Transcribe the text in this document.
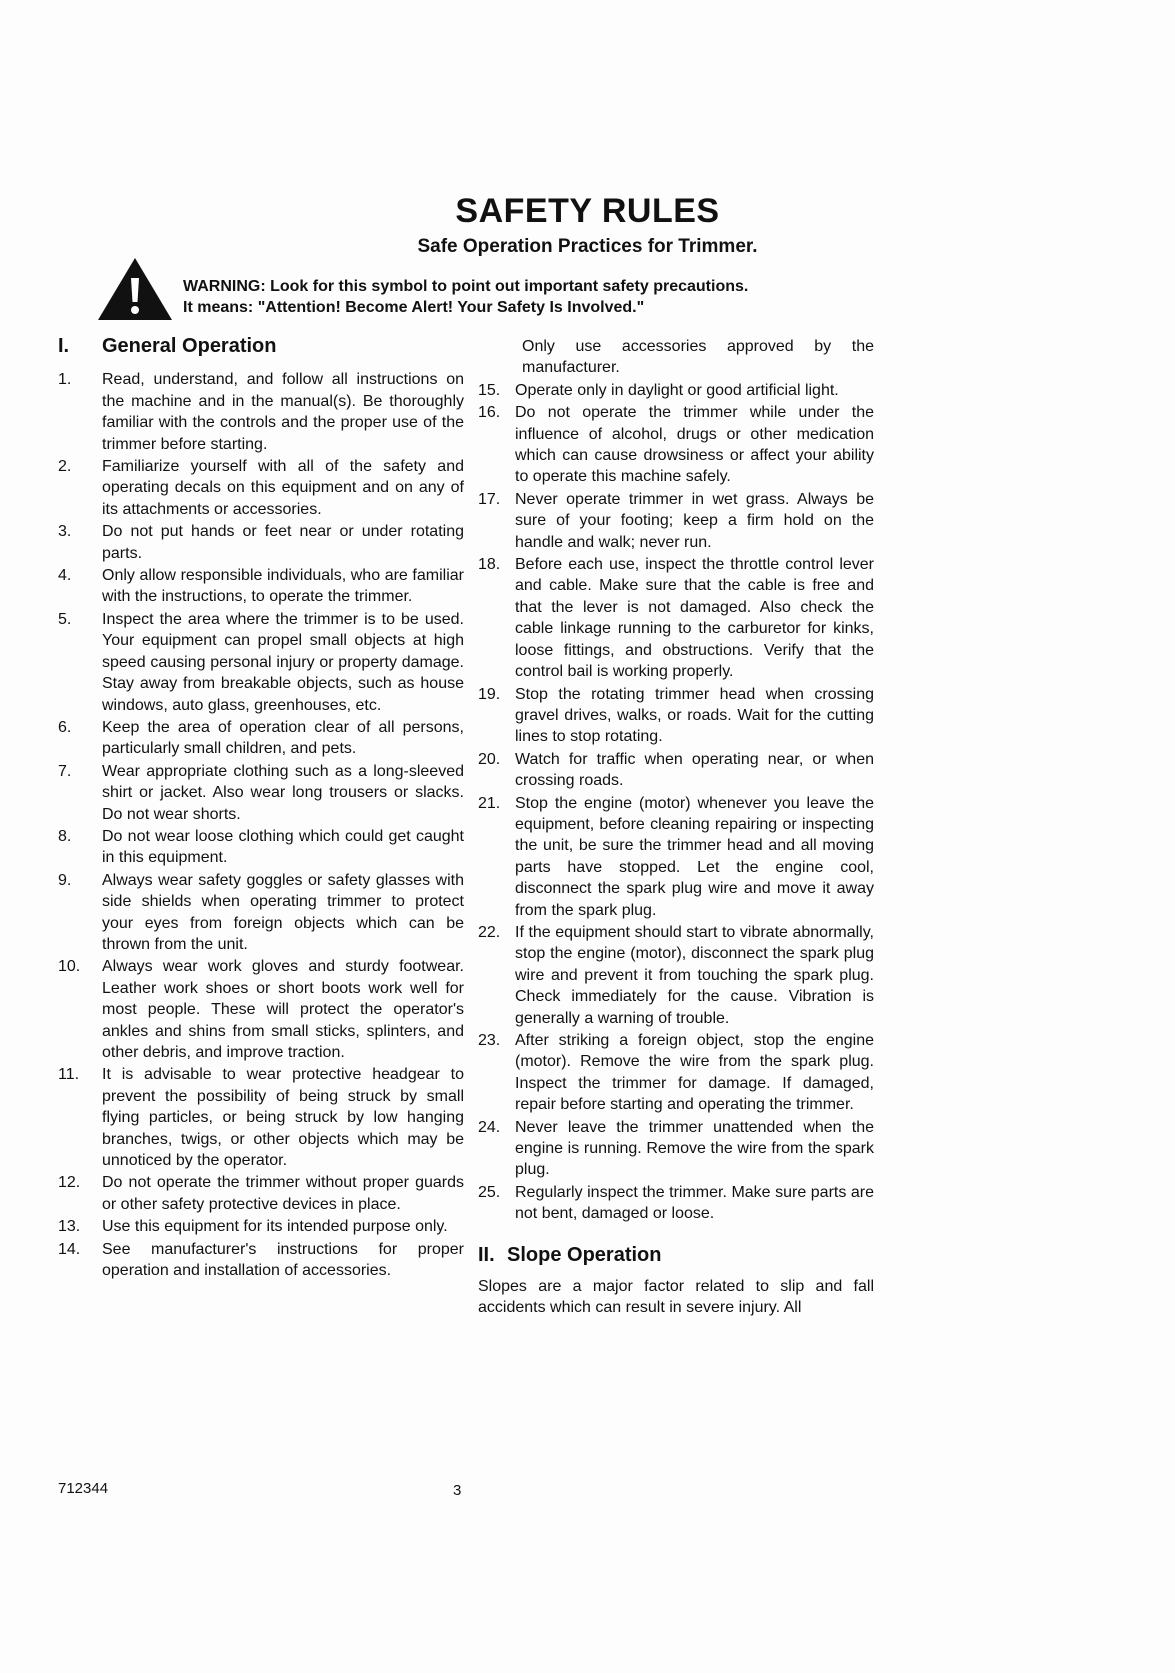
SAFETY RULES
Safe Operation Practices for Trimmer.
WARNING: Look for this symbol to point out important safety precautions.
It means: "Attention! Become Alert! Your Safety Is Involved."
I.	General Operation
1.	Read, understand, and follow all instructions on the machine and in the manual(s). Be thoroughly familiar with the controls and the proper use of the trimmer before starting.
2.	Familiarize yourself with all of the safety and operating decals on this equipment and on any of its attachments or accessories.
3.	Do not put hands or feet near or under rotating parts.
4.	Only allow responsible individuals, who are familiar with the instructions, to operate the trimmer.
5.	Inspect the area where the trimmer is to be used. Your equipment can propel small objects at high speed causing personal injury or property damage. Stay away from breakable objects, such as house windows, auto glass, greenhouses, etc.
6.	Keep the area of operation clear of all persons, particularly small children, and pets.
7.	Wear appropriate clothing such as a long-sleeved shirt or jacket. Also wear long trousers or slacks. Do not wear shorts.
8.	Do not wear loose clothing which could get caught in this equipment.
9.	Always wear safety goggles or safety glasses with side shields when operating trimmer to protect your eyes from foreign objects which can be thrown from the unit.
10.	Always wear work gloves and sturdy footwear. Leather work shoes or short boots work well for most people. These will protect the operator's ankles and shins from small sticks, splinters, and other debris, and improve traction.
11.	It is advisable to wear protective headgear to prevent the possibility of being struck by small flying particles, or being struck by low hanging branches, twigs, or other objects which may be unnoticed by the operator.
12.	Do not operate the trimmer without proper guards or other safety protective devices in place.
13.	Use this equipment for its intended purpose only.
14.	See manufacturer's instructions for proper operation and installation of accessories.
Only use accessories approved by the manufacturer.
15. Operate only in daylight or good artificial light.
16. Do not operate the trimmer while under the influence of alcohol, drugs or other medication which can cause drowsiness or affect your ability to operate this machine safely.
17. Never operate trimmer in wet grass. Always be sure of your footing; keep a firm hold on the handle and walk; never run.
18. Before each use, inspect the throttle control lever and cable. Make sure that the cable is free and that the lever is not damaged. Also check the cable linkage running to the carburetor for kinks, loose fittings, and obstructions. Verify that the control bail is working properly.
19. Stop the rotating trimmer head when crossing gravel drives, walks, or roads. Wait for the cutting lines to stop rotating.
20. Watch for traffic when operating near, or when crossing roads.
21. Stop the engine (motor) whenever you leave the equipment, before cleaning repairing or inspecting the unit, be sure the trimmer head and all moving parts have stopped. Let the engine cool, disconnect the spark plug wire and move it away from the spark plug.
22. If the equipment should start to vibrate abnormally, stop the engine (motor), disconnect the spark plug wire and prevent it from touching the spark plug. Check immediately for the cause. Vibration is generally a warning of trouble.
23. After striking a foreign object, stop the engine (motor). Remove the wire from the spark plug. Inspect the trimmer for damage. If damaged, repair before starting and operating the trimmer.
24. Never leave the trimmer unattended when the engine is running. Remove the wire from the spark plug.
25. Regularly inspect the trimmer. Make sure parts are not bent, damaged or loose.
II. Slope Operation
Slopes are a major factor related to slip and fall accidents which can result in severe injury. All
712344	3
